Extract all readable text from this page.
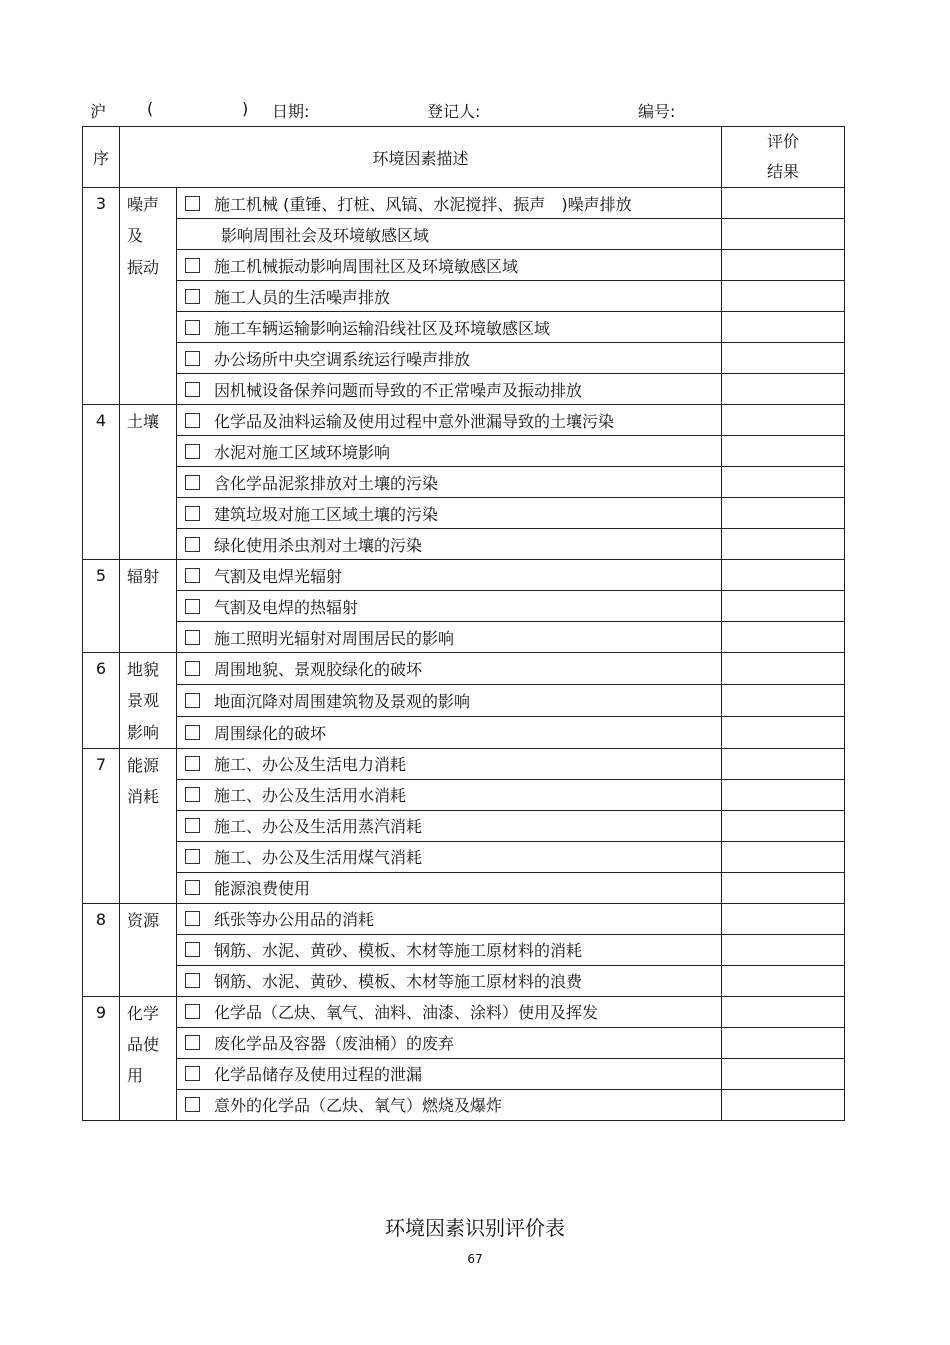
沪	(	) 日期:	登记人:	编号:
序	环境因素描述		评价
结果

3	噪声
及
振动	施工机械 (重锤、打桩、风镐、水泥搅拌、振声　)噪声排放	
		影响周围社会及环境敏感区域	
		施工机械振动影响周围社区及环境敏感区域	
		施工人员的生活噪声排放	
		施工车辆运输影响运输沿线社区及环境敏感区域	
		办公场所中央空调系统运行噪声排放	
		因机械设备保养问题而导致的不正常噪声及振动排放	
4	土壤	化学品及油料运输及使用过程中意外泄漏导致的土壤污染	
		水泥对施工区域环境影响	
		含化学品泥浆排放对土壤的污染	
		建筑垃圾对施工区域土壤的污染	
		绿化使用杀虫剂对土壤的污染	
5	辐射	气割及电焊光辐射	
		气割及电焊的热辐射	
		施工照明光辐射对周围居民的影响	
6	地貌
景观
影响	周围地貌、景观胶绿化的破坏	
		地面沉降对周围建筑物及景观的影响	
		周围绿化的破坏	
7	能源
消耗	施工、办公及生活电力消耗	
		施工、办公及生活用水消耗	
		施工、办公及生活用蒸汽消耗	
		施工、办公及生活用煤气消耗	
		能源浪费使用	
8	资源	纸张等办公用品的消耗	
		钢筋、水泥、黄砂、模板、木材等施工原材料的消耗	
		钢筋、水泥、黄砂、模板、木材等施工原材料的浪费	
9	化学
品使
用	化学品（乙炔、氧气、油料、油漆、涂料）使用及挥发	
		废化学品及容器（废油桶）的废弃	
		化学品储存及使用过程的泄漏	
		意外的化学品（乙炔、氧气）燃烧及爆炸	
环境因素识别评价表
67
